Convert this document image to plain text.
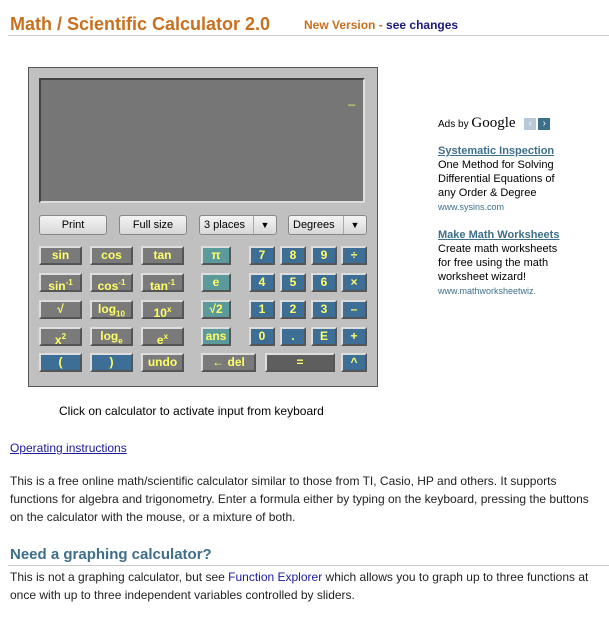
Math / Scientific Calculator 2.0	New Version - see changes
_
Print	Full size	3 places	▼	Degrees	▼
sin	cos	tan	π	7	8	9	÷
$\sin^{-1}$	$\cos^{-1}$	$\tan^{-1}$	e	4	5	6	×
√	$\log_{10}$	10$^x$	√2	1	2	3	–
$x^2$	$\log_e$	$e^x$	ans	0	.	E	+
(	)	undo	← del	=	^
Click on calculator to activate input from keyboard
Operating instructions
This is a free online math/scientific calculator similar to those from TI, Casio, HP and others. It supports functions for algebra and trigonometry. Enter a formula either by typing on the keyboard, pressing the buttons on the calculator with the mouse, or a mixture of both.
Need a graphing calculator?
This is not a graphing calculator, but see Function Explorer which allows you to graph up to three functions at once with up to three independent variables controlled by sliders.
Ads by Google ‹ ›
Systematic Inspection
One Method for Solving Differential Equations of any Order & Degree
www.sysins.com
Make Math Worksheets
Create math worksheets for free using the math worksheet wizard!
www.mathworksheetwiz.
